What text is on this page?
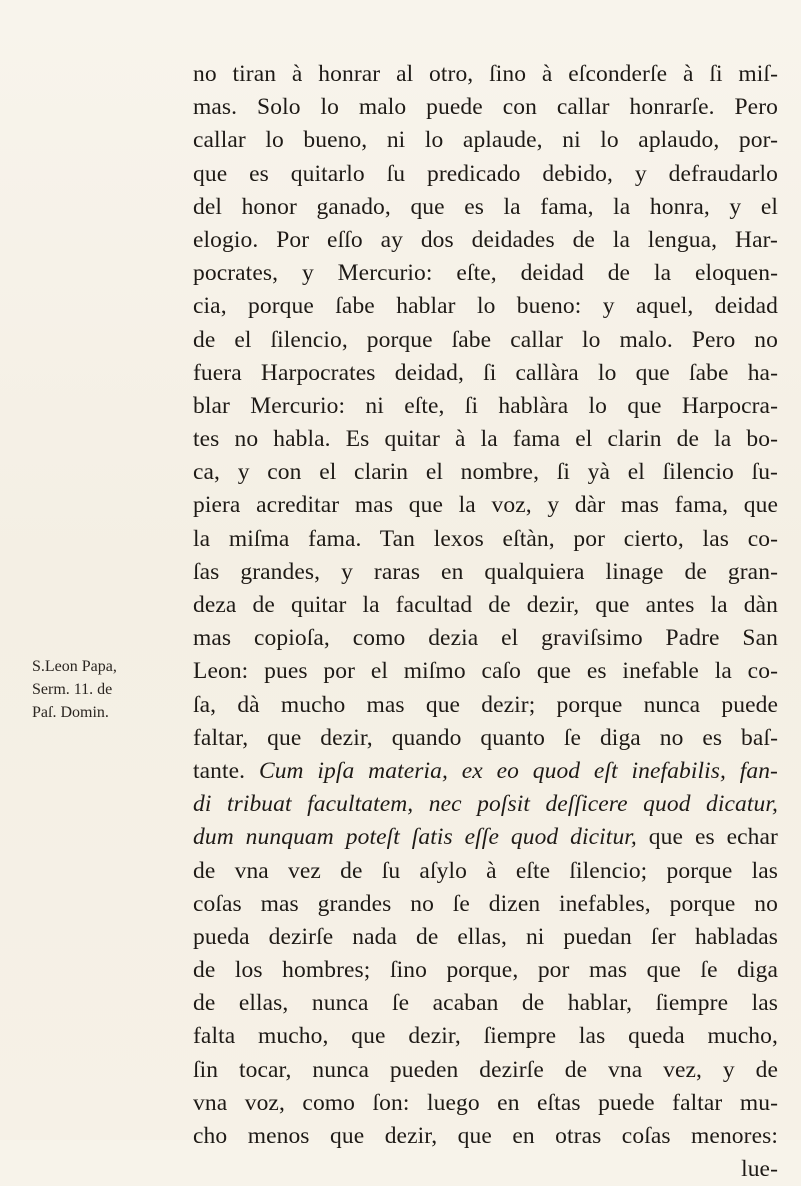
no tiran à honrar al otro, ſino à eſconderſe à ſi miſ-
mas. Solo lo malo puede con callar honrarſe. Pero
callar lo bueno, ni lo aplaude, ni lo aplaudo, por-
que es quitarlo ſu predicado debido, y defraudarlo
del honor ganado, que es la fama, la honra, y el
elogio. Por eſſo ay dos deidades de la lengua, Har-
pocrates, y Mercurio: eſte, deidad de la eloquen-
cia, porque ſabe hablar lo bueno: y aquel, deidad
de el ſilencio, porque ſabe callar lo malo. Pero no
fuera Harpocrates deidad, ſi callàra lo que ſabe ha-
blar Mercurio: ni eſte, ſi hablàra lo que Harpocra-
tes no habla. Es quitar à la fama el clarin de la bo-
ca, y con el clarin el nombre, ſi yà el ſilencio ſu-
piera acreditar mas que la voz, y dàr mas fama, que
la miſma fama. Tan lexos eſtàn, por cierto, las co-
ſas grandes, y raras en qualquiera linage de gran-
deza de quitar la facultad de dezir, que antes la dàn
mas copioſa, como dezia el graviſsimo Padre San
Leon: pues por el miſmo caſo que es inefable la co-
ſa, dà mucho mas que dezir; porque nunca puede
faltar, que dezir, quando quanto ſe diga no es baſ-
tante. Cum ipſa materia, ex eo quod eſt inefabilis, fan-
di tribuat facultatem, nec poſsit deſſicere quod dicatur,
dum nunquam poteſt ſatis eſſe quod dicitur, que es echar
de vna vez de ſu aſylo à eſte ſilencio; porque las
coſas mas grandes no ſe dizen inefables, porque no
pueda dezirſe nada de ellas, ni puedan ſer habladas
de los hombres; ſino porque, por mas que ſe diga
de ellas, nunca ſe acaban de hablar, ſiempre las
falta mucho, que dezir, ſiempre las queda mucho,
ſin tocar, nunca pueden dezirſe de vna vez, y de
vna voz, como ſon: luego en eſtas puede faltar mu-
cho menos que dezir, que en otras coſas menores:
lue-
S.Leon Papa,
Serm. 11. de
Paſ. Domin.
